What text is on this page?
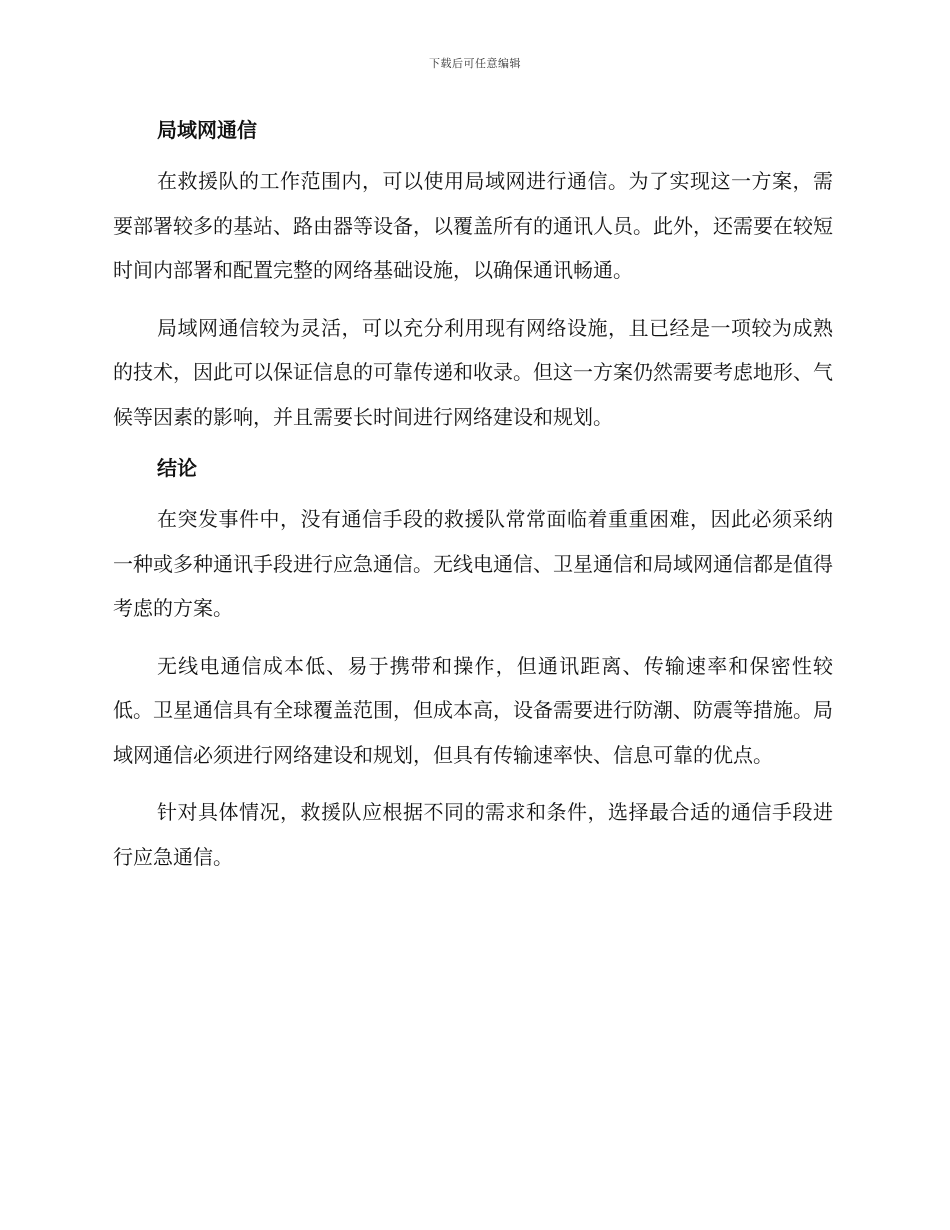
下载后可任意编辑
局域网通信

在救援队的工作范围内，可以使用局域网进行通信。为了实现这一方案，需要部署较多的基站、路由器等设备，以覆盖所有的通讯人员。此外，还需要在较短时间内部署和配置完整的网络基础设施，以确保通讯畅通。

局域网通信较为灵活，可以充分利用现有网络设施，且已经是一项较为成熟的技术，因此可以保证信息的可靠传递和收录。但这一方案仍然需要考虑地形、气候等因素的影响，并且需要长时间进行网络建设和规划。

结论

在突发事件中，没有通信手段的救援队常常面临着重重困难，因此必须采纳一种或多种通讯手段进行应急通信。无线电通信、卫星通信和局域网通信都是值得考虑的方案。

无线电通信成本低、易于携带和操作，但通讯距离、传输速率和保密性较低。卫星通信具有全球覆盖范围，但成本高，设备需要进行防潮、防震等措施。局域网通信必须进行网络建设和规划，但具有传输速率快、信息可靠的优点。

针对具体情况，救援队应根据不同的需求和条件，选择最合适的通信手段进行应急通信。
